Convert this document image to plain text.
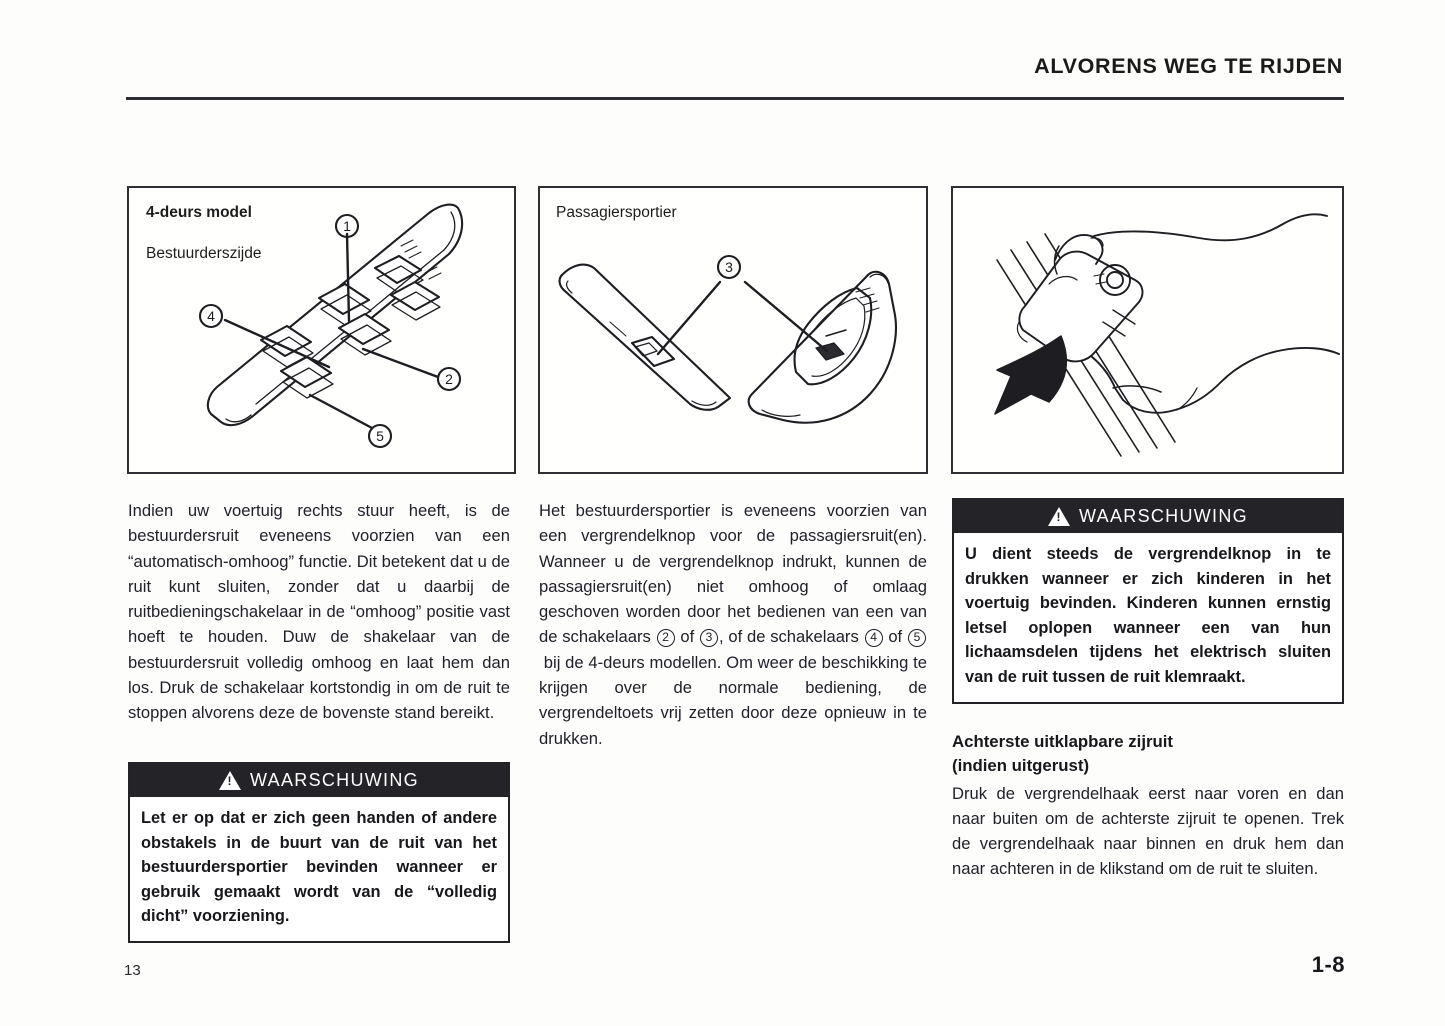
ALVORENS WEG TE RIJDEN
4-deurs model
Bestuurderszijde
1
4
2
5
Passagiersportier
3

Indien uw voertuig rechts stuur heeft, is de bestuurdersruit eveneens voorzien van een “automatisch-omhoog” functie. Dit betekent dat u de ruit kunt sluiten, zonder dat u daarbij de ruitbedieningschakelaar in de “omhoog” positie vast hoeft te houden. Duw de shakelaar van de bestuurdersruit volledig omhoog en laat hem dan los. Druk de schakelaar kortstondig in om de ruit te stoppen alvorens deze de bovenste stand bereikt.

!
WAARSCHUWING
Let er op dat er zich geen handen of andere obstakels in de buurt van de ruit van het bestuurdersportier bevinden wanneer er gebruik gemaakt wordt van de “volledig dicht” voorziening.

Het bestuurdersportier is eveneens voorzien van een vergrendelknop voor de passagiersruit(en). Wanneer u de vergrendelknop indrukt, kunnen de passagiersruit(en) niet omhoog of omlaag geschoven worden door het bedienen van een van de schakelaars 2 of 3 , of de schakelaars 4 of 5 bij de 4-deurs modellen. Om weer de beschikking te krijgen over de normale bediening, de vergrendeltoets vrij zetten door deze opnieuw in te drukken.

!
WAARSCHUWING
U dient steeds de vergrendelknop in te drukken wanneer er zich kinderen in het voertuig bevinden. Kinderen kunnen ernstig letsel oplopen wanneer een van hun lichaamsdelen tijdens het elektrisch sluiten van de ruit tussen de ruit klemraakt.

Achterste uitklapbare zijruit

(indien uitgerust)

Druk de vergrendelhaak eerst naar voren en dan naar buiten om de achterste zijruit te openen. Trek de vergrendelhaak naar binnen en druk hem dan naar achteren in de klikstand om de ruit te sluiten.

13	1-8
